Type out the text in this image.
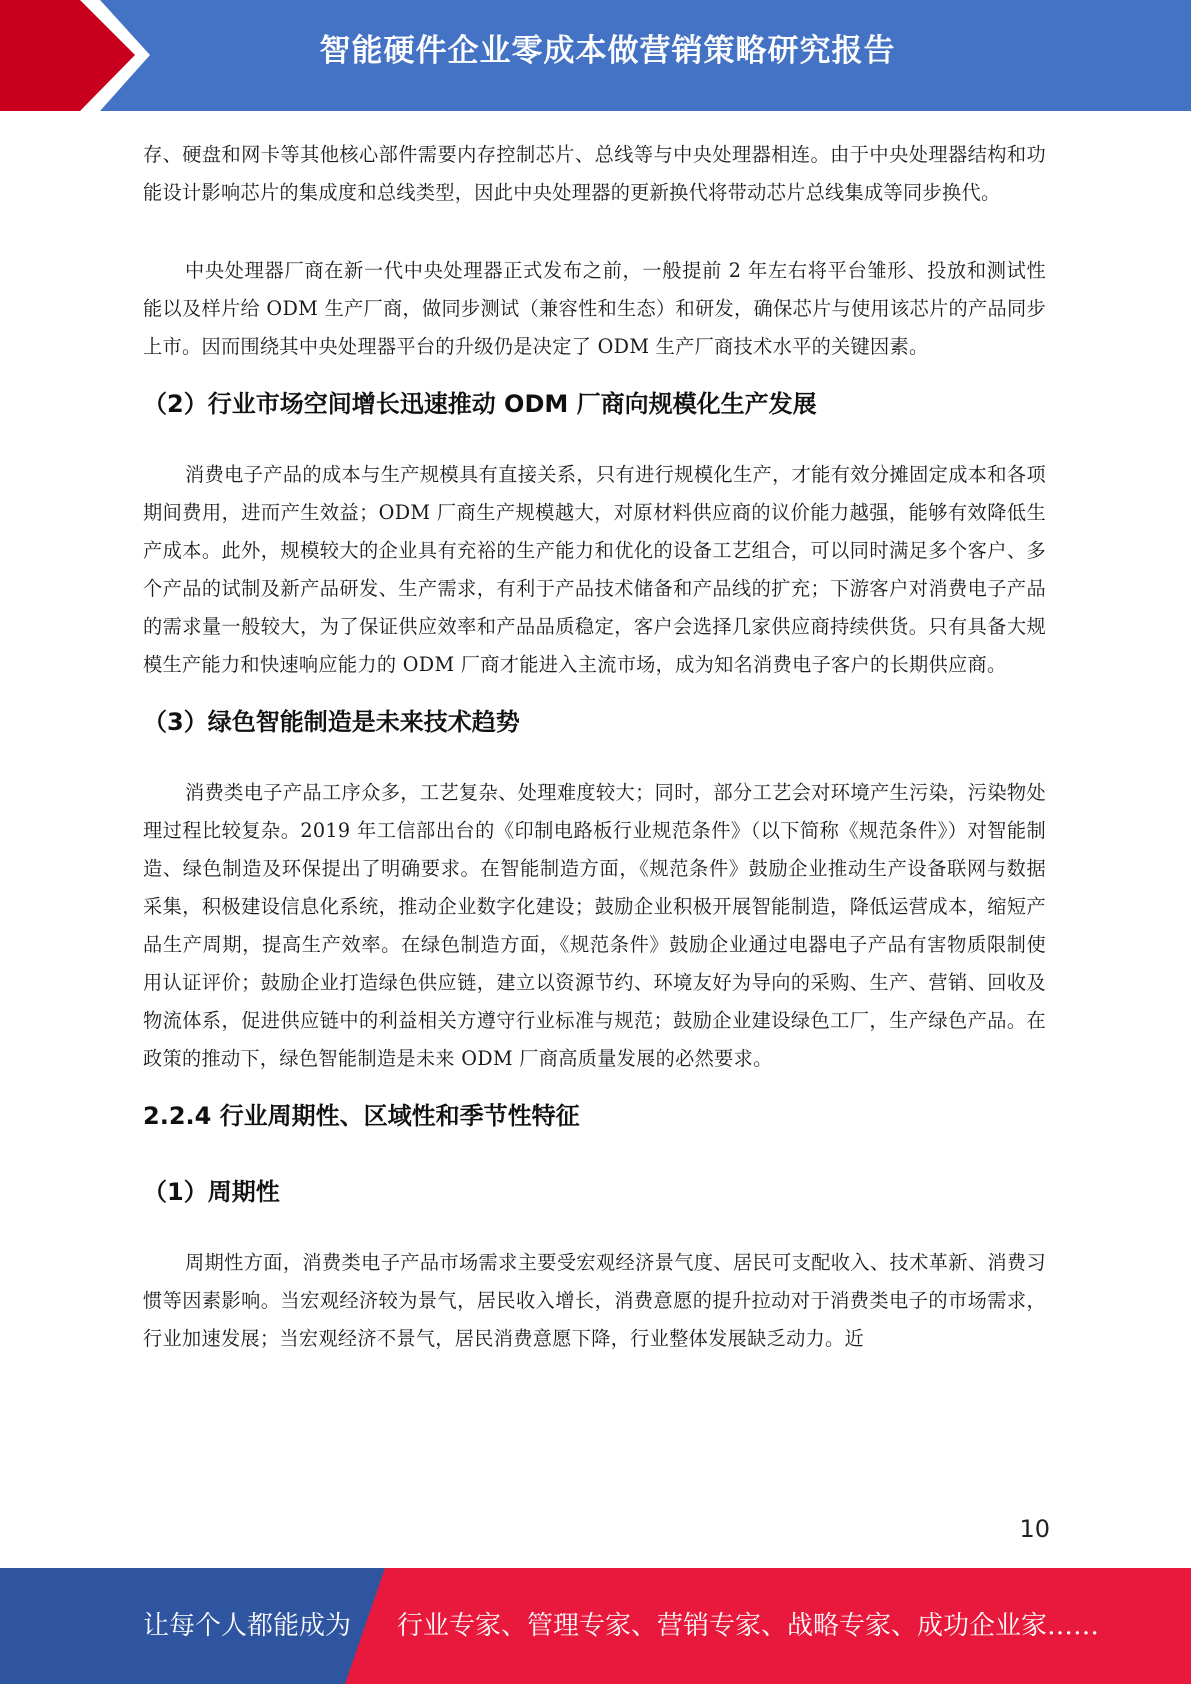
智能硬件企业零成本做营销策略研究报告

存、硬盘和网卡等其他核心部件需要内存控制芯片、总线等与中央处理器相连。由于中央处理器结构和功能设计影响芯片的集成度和总线类型，因此中央处理器的更新换代将带动芯片总线集成等同步换代。

中央处理器厂商在新一代中央处理器正式发布之前，一般提前 2 年左右将平台雏形、投放和测试性能以及样片给 ODM 生产厂商，做同步测试（兼容性和生态）和研发，确保芯片与使用该芯片的产品同步上市。因而围绕其中央处理器平台的升级仍是决定了 ODM 生产厂商技术水平的关键因素。

（2）行业市场空间增长迅速推动 ODM 厂商向规模化生产发展

消费电子产品的成本与生产规模具有直接关系，只有进行规模化生产，才能有效分摊固定成本和各项期间费用，进而产生效益；ODM 厂商生产规模越大，对原材料供应商的议价能力越强，能够有效降低生产成本。此外，规模较大的企业具有充裕的生产能力和优化的设备工艺组合，可以同时满足多个客户、多个产品的试制及新产品研发、生产需求，有利于产品技术储备和产品线的扩充；下游客户对消费电子产品的需求量一般较大，为了保证供应效率和产品品质稳定，客户会选择几家供应商持续供货。只有具备大规模生产能力和快速响应能力的 ODM 厂商才能进入主流市场，成为知名消费电子客户的长期供应商。

（3）绿色智能制造是未来技术趋势

消费类电子产品工序众多，工艺复杂、处理难度较大；同时，部分工艺会对环境产生污染，污染物处理过程比较复杂。2019 年工信部出台的《印制电路板行业规范条件》（以下简称《规范条件》）对智能制造、绿色制造及环保提出了明确要求。在智能制造方面，《规范条件》鼓励企业推动生产设备联网与数据采集，积极建设信息化系统，推动企业数字化建设；鼓励企业积极开展智能制造，降低运营成本，缩短产品生产周期，提高生产效率。在绿色制造方面，《规范条件》鼓励企业通过电器电子产品有害物质限制使用认证评价；鼓励企业打造绿色供应链，建立以资源节约、环境友好为导向的采购、生产、营销、回收及物流体系，促进供应链中的利益相关方遵守行业标准与规范；鼓励企业建设绿色工厂，生产绿色产品。在政策的推动下，绿色智能制造是未来 ODM 厂商高质量发展的必然要求。

2.2.4 行业周期性、区域性和季节性特征

（1）周期性

周期性方面，消费类电子产品市场需求主要受宏观经济景气度、居民可支配收入、技术革新、消费习惯等因素影响。当宏观经济较为景气，居民收入增长，消费意愿的提升拉动对于消费类电子的市场需求，行业加速发展；当宏观经济不景气，居民消费意愿下降，行业整体发展缺乏动力。近

10
让每个人都能成为 行业专家、管理专家、营销专家、战略专家、成功企业家……
